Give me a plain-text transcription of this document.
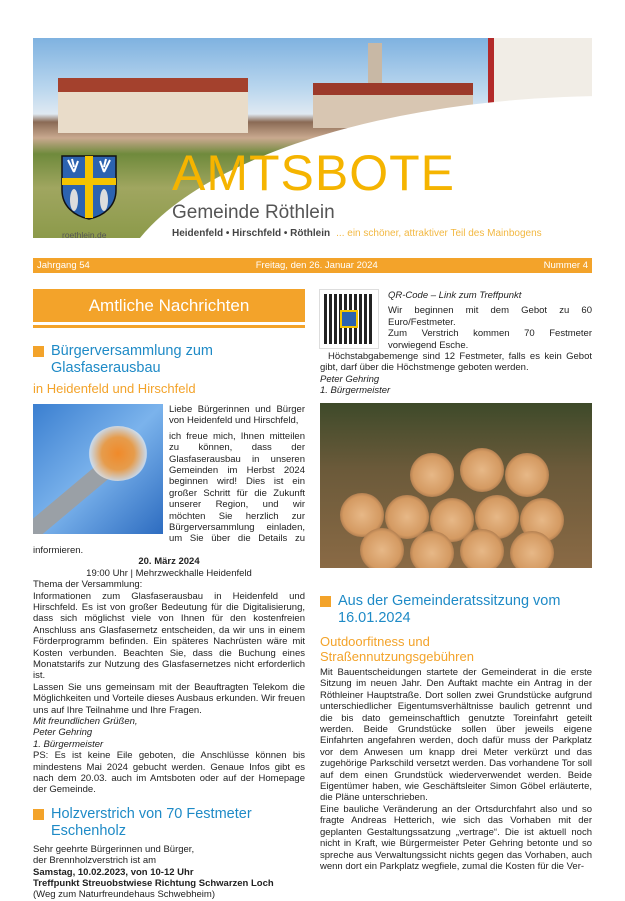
roethlein.de
AMTSBOTE
Gemeinde Röthlein
Heidenfeld • Hirschfeld • Röthlein ... ein schöner, attraktiver Teil des Mainbogens
Jahrgang 54	Freitag, den 26. Januar 2024	Nummer 4
Amtliche Nachrichten
Bürgerversammlung zum Glasfaserausbau
in Heidenfeld und Hirschfeld

Liebe Bürgerinnen und Bürger von Heidenfeld und Hirschfeld,

ich freue mich, Ihnen mitteilen zu können, dass der Glasfaserausbau in unseren Gemeinden im Herbst 2024 beginnen wird! Dies ist ein großer Schritt für die Zukunft unserer Region, und wir möchten Sie herzlich zur Bürgerversammlung einladen, um Sie über die Details zu informieren.

20. März 2024

19:00 Uhr | Mehrzweckhalle Heidenfeld

Thema der Versammlung:

Informationen zum Glasfaserausbau in Heidenfeld und Hirschfeld. Es ist von großer Bedeutung für die Digitalisierung, dass sich möglichst viele von Ihnen für den kostenfreien Anschluss ans Glasfasernetz entscheiden, da wir uns in einem Förderprogramm befinden. Ein späteres Nachrüsten wäre mit Kosten verbunden. Beachten Sie, dass die Buchung eines Monatstarifs zur Nutzung des Glasfasernetzes nicht erforderlich ist.

Lassen Sie uns gemeinsam mit der Beauftragten Telekom die Möglichkeiten und Vorteile dieses Ausbaus erkunden. Wir freuen uns auf Ihre Teilnahme und Ihre Fragen.

Mit freundlichen Grüßen,

Peter Gehring

1. Bürgermeister

PS: Es ist keine Eile geboten, die Anschlüsse können bis mindestens Mai 2024 gebucht werden. Genaue Infos gibt es nach dem 20.03. auch im Amtsboten oder auf der Homepage der Gemeinde.

Holzverstrich von 70 Festmeter Eschenholz

Sehr geehrte Bürgerinnen und Bürger,

der Brennholzverstrich ist am

Samstag, 10.02.2023, von 10-12 Uhr

Treffpunkt Streuobstwiese Richtung Schwarzen Loch

(Weg zum Naturfreundehaus Schwebheim)

QR-Code – Link zum Treffpunkt

Wir beginnen mit dem Gebot zu 60 Euro/Festmeter.

Zum Verstrich kommen 70 Festmeter vorwiegend Esche.

Höchstabgabemenge sind 12 Festmeter, falls es kein Gebot gibt, darf über die Höchstmenge geboten werden.

Peter Gehring

1. Bürgermeister

Aus der Gemeinderatssitzung vom 16.01.2024
Outdoorfitness und Straßennutzungsgebühren

Mit Bauentscheidungen startete der Gemeinderat in die erste Sitzung im neuen Jahr. Den Auftakt machte ein Antrag in der Röthleiner Hauptstraße. Dort sollen zwei Grundstücke aufgrund unterschiedlicher Eigentumsverhältnisse baulich getrennt und die bis dato gemeinschaftlich genutzte Toreinfahrt geteilt werden. Beide Grundstücke sollen über jeweils eigene Einfahrten angefahren werden, doch dafür muss der Parkplatz vor dem Anwesen um knapp drei Meter verkürzt und das zugehörige Parkschild versetzt werden. Das vorhandene Tor soll auf dem einen Grundstück wiederverwendet werden. Beide Eigentümer haben, wie Geschäftsleiter Simon Göbel erläuterte, die Pläne unterschrieben.

Eine bauliche Veränderung an der Ortsdurchfahrt also und so fragte Andreas Hetterich, wie sich das Vorhaben mit der geplanten Gestaltungssatzung „vertrage“. Die ist aktuell noch nicht in Kraft, wie Bürgermeister Peter Gehring betonte und so spreche aus Verwaltungssicht nichts gegen das Vorhaben, auch wenn dort ein Parkplatz wegfiele, zumal die Kosten für die Ver-
